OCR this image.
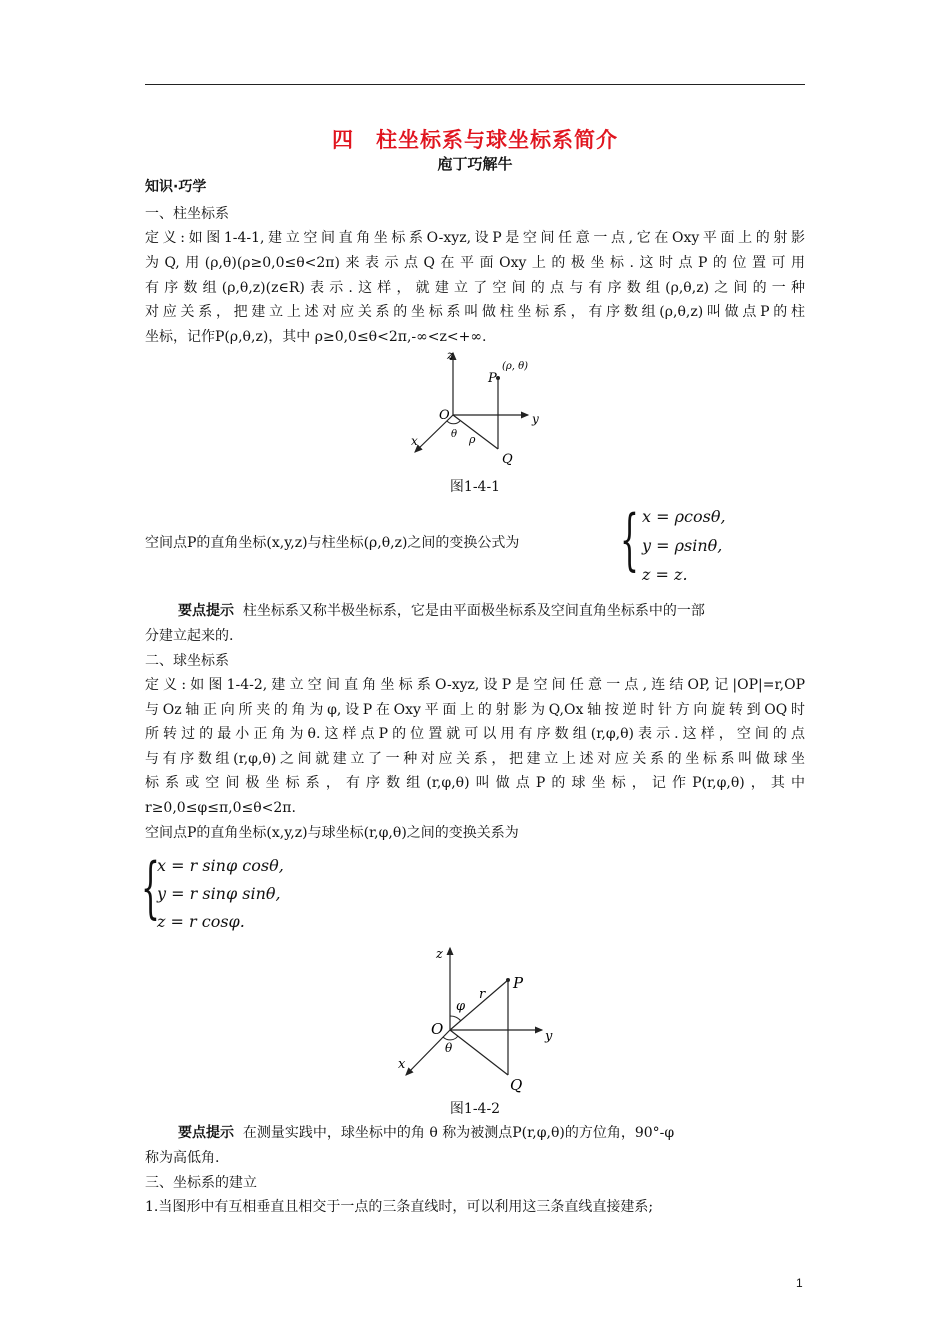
四　柱坐标系与球坐标系简介
庖丁巧解牛
知识·巧学
一、柱坐标系
定义:如图1-4-1,建立空间直角坐标系O-xyz,设P是空间任意一点,它在Oxy平面上的射影
为Q,用(ρ,θ)(ρ≥0,0≤θ<2π)来表示点Q在平面Oxy上的极坐标.这时点P的位置可用
有序数组(ρ,θ,z)(z∈R)表示.这样，就建立了空间的点与有序数组(ρ,θ,z)之间的一种
对应关系，把建立上述对应关系的坐标系叫做柱坐标系，有序数组(ρ,θ,z)叫做点P的柱
坐标，记作P(ρ,θ,z)，其中 ρ≥0,0≤θ<2π,-∞<z<+∞.
z
y
x
O
P
Q
θ ρ
(ρ, θ)
图1-4-1
空间点P的直角坐标(x,y,z)与柱坐标(ρ,θ,z)之间的变换公式为 { x = ρcosθ,
y = ρsinθ,
z = z.
要点提示 柱坐标系又称半极坐标系，它是由平面极坐标系及空间直角坐标系中的一部
分建立起来的.
二、球坐标系
定义:如图1-4-2,建立空间直角坐标系O-xyz,设P是空间任意一点,连结OP,记|OP|=r,OP
与Oz轴正向所夹的角为φ,设P在Oxy平面上的射影为Q,Ox轴按逆时针方向旋转到OQ时
所转过的最小正角为θ.这样点P的位置就可以用有序数组(r,φ,θ)表示.这样，空间的点
与有序数组(r,φ,θ)之间就建立了一种对应关系，把建立上述对应关系的坐标系叫做球坐
标系或空间极坐标系，有序数组(r,φ,θ)叫做点P的球坐标，记作P(r,φ,θ)，其中
r≥0,0≤φ≤π,0≤θ<2π.
空间点P的直角坐标(x,y,z)与球坐标(r,φ,θ)之间的变换关系为
{
x = r sinφ cosθ,
y = r sinφ sinθ,
z = r cosφ.
z
y
x
O
P
Q
θ
φ
r
图1-4-2
要点提示 在测量实践中，球坐标中的角 θ 称为被测点P(r,φ,θ)的方位角，90°-φ
称为高低角.
三、坐标系的建立
1.当图形中有互相垂直且相交于一点的三条直线时，可以利用这三条直线直接建系;
1
